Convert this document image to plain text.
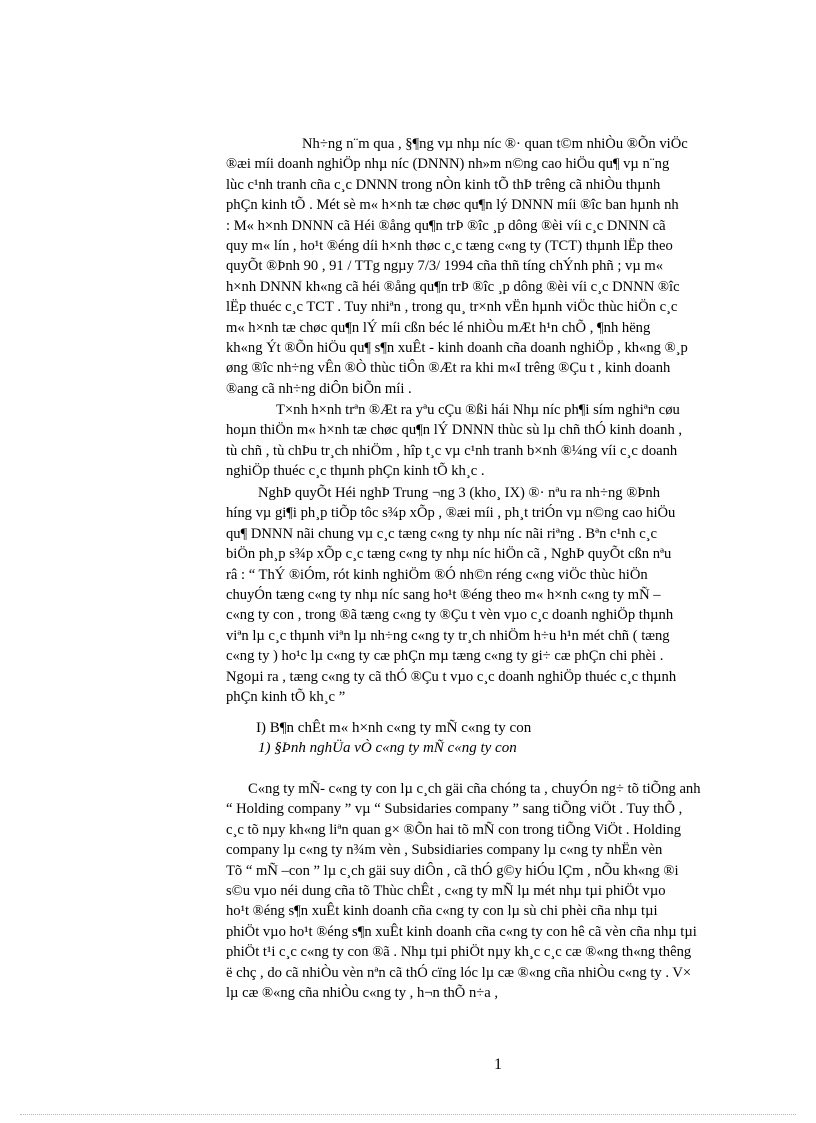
Nh÷ng n¨m qua , §¶ng vµ nhµ níc ®· quan t©m nhiÒu ®Õn viÖc
®æi míi doanh nghiÖp nhµ níc (DNNN) nh»m n©ng cao hiÖu qu¶ vµ n¨ng
lùc c¹nh tranh cña c¸c DNNN trong nÒn kinh tÕ thÞ trêng cã nhiÒu thµnh
phÇn kinh tÕ . Mét sè m« h×nh tæ chøc qu¶n lý DNNN míi ®îc ban hµnh nh
: M« h×nh DNNN cã Héi ®ång qu¶n trÞ ®îc ¸p dông ®èi víi c¸c DNNN cã
quy m« lín , ho¹t ®éng díi h×nh thøc c¸c tæng c«ng ty (TCT) thµnh lËp theo
quyÕt ®Þnh 90 , 91 / TTg ngµy 7/3/ 1994 cña thñ tíng chÝnh phñ ; vµ m«
h×nh DNNN kh«ng cã héi ®ång qu¶n trÞ ®îc ¸p dông ®èi víi c¸c DNNN ®îc
lËp thuéc c¸c TCT . Tuy nhiªn , trong qu¸ tr×nh vËn hµnh viÖc thùc hiÖn c¸c
m« h×nh tæ chøc qu¶n lÝ míi cßn béc lé nhiÒu mÆt h¹n chÕ , ¶nh hëng
kh«ng Ýt ®Õn hiÖu qu¶ s¶n xuÊt - kinh doanh cña doanh nghiÖp , kh«ng ®¸p
øng ®îc nh÷ng vÊn ®Ò thùc tiÔn ®Æt ra khi m«I trêng ®Çu t , kinh doanh
®ang cã nh÷ng diÔn biÕn míi .
T×nh h×nh trªn ®Æt ra yªu cÇu ®ßi hái Nhµ níc ph¶i sím nghiªn cøu
hoµn thiÖn m« h×nh tæ chøc qu¶n lÝ DNNN thùc sù lµ chñ thÓ kinh doanh ,
tù chñ , tù chÞu tr¸ch nhiÖm , hîp t¸c vµ c¹nh tranh b×nh ®¼ng víi c¸c doanh
nghiÖp thuéc c¸c thµnh phÇn kinh tÕ kh¸c .
NghÞ quyÕt Héi nghÞ Trung ¬ng 3 (kho¸ IX) ®· nªu ra nh÷ng ®Þnh
híng vµ gi¶i ph¸p tiÕp tôc s¾p xÕp , ®æi míi , ph¸t triÓn vµ n©ng cao hiÖu
qu¶ DNNN nãi chung vµ c¸c tæng c«ng ty nhµ níc nãi riªng . Bªn c¹nh c¸c
biÖn ph¸p s¾p xÕp c¸c tæng c«ng ty nhµ níc hiÖn cã , NghÞ quyÕt cßn nªu
râ : “ ThÝ ®iÓm, rót kinh nghiÖm ®Ó nh©n réng c«ng viÖc thùc hiÖn
chuyÓn tæng c«ng ty nhµ níc sang ho¹t ®éng theo m« h×nh c«ng ty mÑ –
c«ng ty con , trong ®ã tæng c«ng ty ®Çu t vèn vµo c¸c doanh nghiÖp thµnh
viªn lµ c¸c thµnh viªn lµ nh÷ng c«ng ty tr¸ch nhiÖm h÷u h¹n mét chñ ( tæng
c«ng ty ) ho¹c lµ c«ng ty cæ phÇn mµ tæng c«ng ty gi÷ cæ phÇn chi phèi .
Ngoµi ra , tæng c«ng ty cã thÓ ®Çu t vµo c¸c doanh nghiÖp thuéc c¸c thµnh
phÇn kinh tÕ kh¸c ”
I) B¶n chÊt m« h×nh c«ng ty mÑ c«ng ty con
1) §Þnh nghÜa vÒ c«ng ty mÑ c«ng ty con
C«ng ty mÑ- c«ng ty con lµ c¸ch gäi cña chóng ta , chuyÓn ng÷ tõ tiÕng anh
“ Holding company ” vµ “ Subsidaries company ” sang tiÕng viÖt . Tuy thÕ ,
c¸c tõ nµy kh«ng liªn quan g× ®Õn hai tõ mÑ con trong tiÕng ViÖt . Holding
company lµ c«ng ty n¾m vèn , Subsidiaries company lµ c«ng ty nhËn vèn
Tõ “ mÑ –con ” lµ c¸ch gäi suy diÔn , cã thÓ g©y hiÓu lÇm , nÕu kh«ng ®i
s©u vµo néi dung cña tõ Thùc chÊt , c«ng ty mÑ lµ mét nhµ tµi phiÖt vµo
ho¹t ®éng s¶n xuÊt kinh doanh cña c«ng ty con lµ sù chi phèi cña nhµ tµi
phiÖt vµo ho¹t ®éng s¶n xuÊt kinh doanh cña c«ng ty con hê cã vèn cña nhµ tµi
phiÖt t¹i c¸c c«ng ty con ®ã . Nhµ tµi phiÖt nµy kh¸c c¸c cæ ®«ng th«ng thêng
ë chç , do cã nhiÒu vèn nªn cã thÓ cïng lóc lµ cæ ®«ng cña nhiÒu c«ng ty . V×
lµ cæ ®«ng cña nhiÒu c«ng ty , h¬n thÕ n÷a ,
1
